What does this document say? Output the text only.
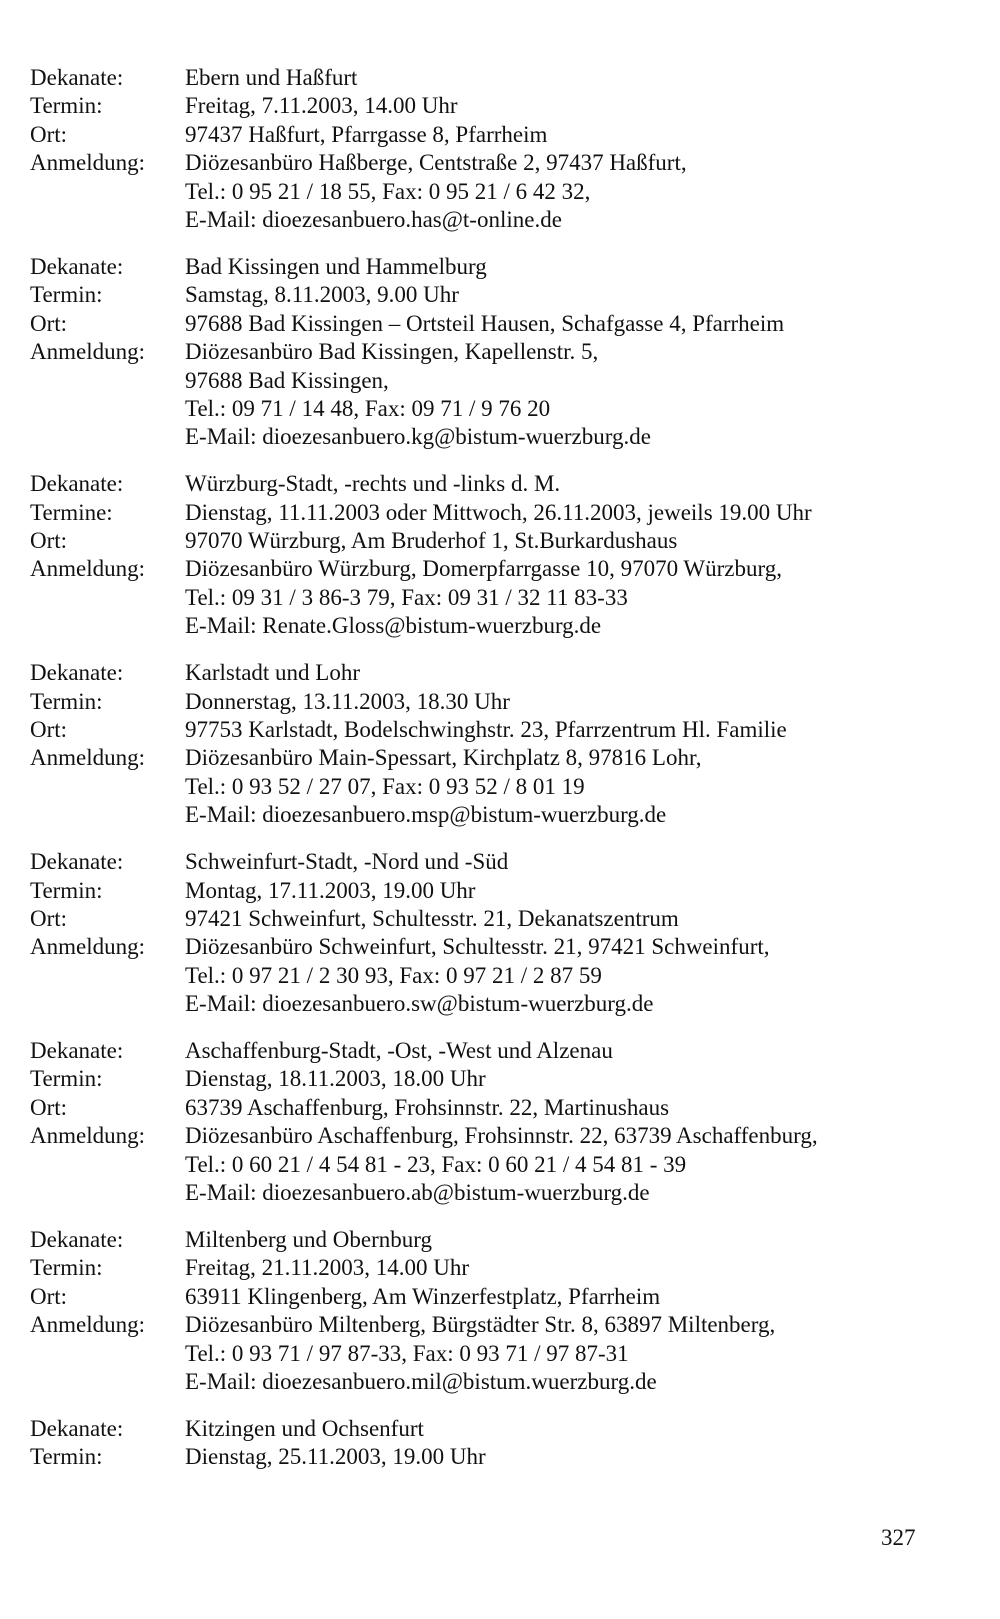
Dekanate:	Ebern und Haßfurt
Termin:	Freitag, 7.11.2003, 14.00 Uhr
Ort:	97437 Haßfurt, Pfarrgasse 8, Pfarrheim
Anmeldung:	Diözesanbüro Haßberge, Centstraße 2, 97437 Haßfurt,
Tel.: 0 95 21 / 18 55, Fax: 0 95 21 / 6 42 32,
E-Mail: dioezesanbuero.has@t-online.de
Dekanate:	Bad Kissingen und Hammelburg
Termin:	Samstag, 8.11.2003, 9.00 Uhr
Ort:	97688 Bad Kissingen – Ortsteil Hausen, Schafgasse 4, Pfarrheim
Anmeldung:	Diözesanbüro Bad Kissingen, Kapellenstr. 5,
97688 Bad Kissingen,
Tel.: 09 71 / 14 48, Fax: 09 71 / 9 76 20
E-Mail: dioezesanbuero.kg@bistum-wuerzburg.de
Dekanate:	Würzburg-Stadt, -rechts und -links d. M.
Termine:	Dienstag, 11.11.2003 oder Mittwoch, 26.11.2003, jeweils 19.00 Uhr
Ort:	97070 Würzburg, Am Bruderhof 1, St.Burkardushaus
Anmeldung:	Diözesanbüro Würzburg, Domerpfarrgasse 10, 97070 Würzburg,
Tel.: 09 31 / 3 86-3 79, Fax: 09 31 / 32 11 83-33
E-Mail: Renate.Gloss@bistum-wuerzburg.de
Dekanate:	Karlstadt und Lohr
Termin:	Donnerstag, 13.11.2003, 18.30 Uhr
Ort:	97753 Karlstadt, Bodelschwinghstr. 23, Pfarrzentrum Hl. Familie
Anmeldung:	Diözesanbüro Main-Spessart, Kirchplatz 8, 97816 Lohr,
Tel.: 0 93 52 / 27 07, Fax: 0 93 52 / 8 01 19
E-Mail: dioezesanbuero.msp@bistum-wuerzburg.de
Dekanate:	Schweinfurt-Stadt, -Nord und -Süd
Termin:	Montag, 17.11.2003, 19.00 Uhr
Ort:	97421 Schweinfurt, Schultesstr. 21, Dekanatszentrum
Anmeldung:	Diözesanbüro Schweinfurt, Schultesstr. 21, 97421 Schweinfurt,
Tel.: 0 97 21 / 2 30 93, Fax: 0 97 21 / 2 87 59
E-Mail: dioezesanbuero.sw@bistum-wuerzburg.de
Dekanate:	Aschaffenburg-Stadt, -Ost, -West und Alzenau
Termin:	Dienstag, 18.11.2003, 18.00 Uhr
Ort:	63739 Aschaffenburg, Frohsinnstr. 22, Martinushaus
Anmeldung:	Diözesanbüro Aschaffenburg, Frohsinnstr. 22, 63739 Aschaffenburg,
Tel.: 0 60 21 / 4 54 81 - 23, Fax: 0 60 21 / 4 54 81 - 39
E-Mail: dioezesanbuero.ab@bistum-wuerzburg.de
Dekanate:	Miltenberg und Obernburg
Termin:	Freitag, 21.11.2003, 14.00 Uhr
Ort:	63911 Klingenberg, Am Winzerfestplatz, Pfarrheim
Anmeldung:	Diözesanbüro Miltenberg, Bürgstädter Str. 8, 63897 Miltenberg,
Tel.: 0 93 71 / 97 87-33, Fax: 0 93 71 / 97 87-31
E-Mail: dioezesanbuero.mil@bistum.wuerzburg.de
Dekanate:	Kitzingen und Ochsenfurt
Termin:	Dienstag, 25.11.2003, 19.00 Uhr
327
